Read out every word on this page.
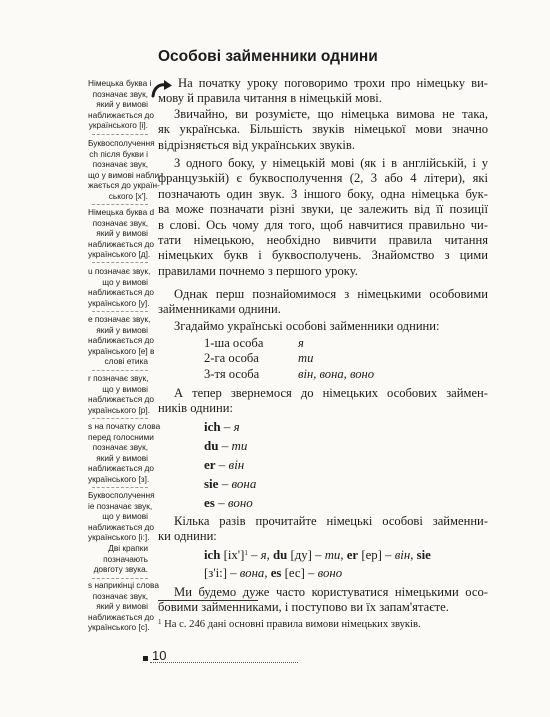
Особові займенники однини
Німецька буква i
позначає звук,
який у вимові
наближається до
українського [і].
Буквосполучення
ch після букви i
позначає звук,
що у вимові набли-
жається до україн-
ського [х'].
Німецька буква d
позначає звук,
який у вимові
наближається до
українського [д].
u позначає звук,
що у вимові
наближається до
українського [у].
e позначає звук,
який у вимові
наближається до
українського [е] в
слові етика
r позначає звук,
що у вимові
наближається до
українського [р].
s на початку слова
перед голосними
позначає звук,
який у вимові
наближається до
українського [з].
Буквосполучення
ie позначає звук,
що у вимові
наближається до
українського [і:].
Дві крапки
позначають
довготу звука.
s наприкінці слова
позначає звук,
який у вимові
наближається до
українського [с].
На початку уроку поговоримо трохи про німецьку ви-
мову й правила читання в німецькій мові.
Звичайно, ви розумієте, що німецька вимова не така,
як українська. Більшість звуків німецької мови значно
відрізняється від українських звуків.
З одного боку, у німецькій мові (як і в англійській, і у
французькій) є буквосполучення (2, 3 або 4 літери), які
позначають один звук. З іншого боку, одна німецька бук-
ва може позначати різні звуки, це залежить від її позиції
в слові. Ось чому для того, щоб навчитися правильно чи-
тати німецькою, необхідно вивчити правила читання
німецьких букв і буквосполучень. Знайомство з цими
правилами почнемо з першого уроку.
Однак перш познайомимося з німецькими особовими
займенниками однини.
Згадаймо українські особові займенники однини:
1-ша особа	я
2-га особа	ти
3-тя особа	він, вона, воно
А тепер звернемося до німецьких особових займен-
ників однини:
ich – я
du – ти
er – він
sie – вона
es – воно
Кілька разів прочитайте німецькі особові займенни-
ки однини:
ich $[іх']^1$ – я, du [ду] – ти, er [ер] – він, sie
[з'і:] – вона, es [ес] – воно
Ми будемо дуже часто користуватися німецькими осо-
бовими займенниками, і поступово ви їх запам'ятаєте.
$^1$ На с. 246 дані основні правила вимови німецьких звуків.
10
